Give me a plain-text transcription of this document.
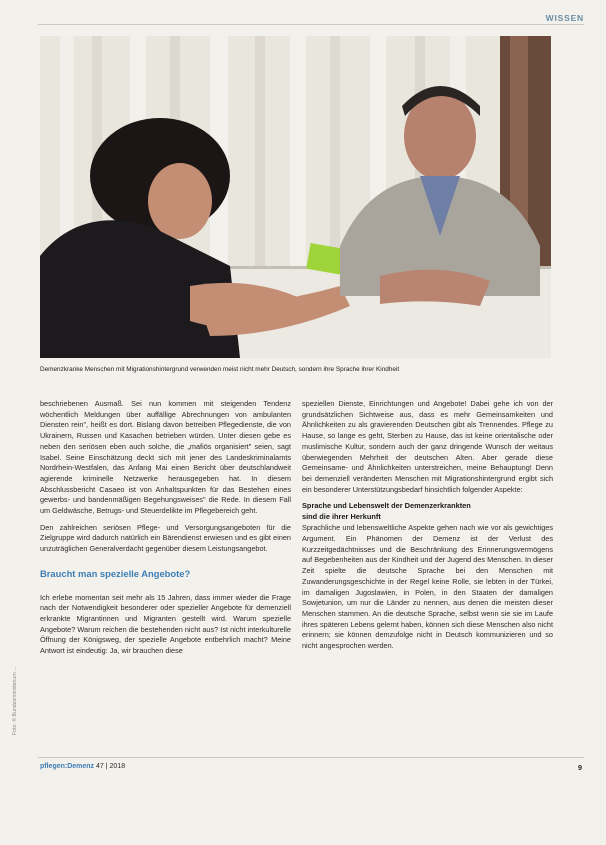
WISSEN
Demenzkranke Menschen mit Migrationshintergrund verwenden meist nicht mehr Deutsch, sondern ihre Sprache ihrer Kindheit

beschriebenen Ausmaß. Sei nun kommen mit steigenden Tendenz wöchentlich Meldungen über auffällige Abrechnungen von ambulanten Diensten rein", heißt es dort. Bislang davon betreiben Pflegedienste, die von Ukrainern, Russen und Kasachen betrieben würden. Unter diesen gebe es neben den seriösen eben auch solche, die „mafiös organisiert" seien, sagt Isabel. Seine Einschätzung deckt sich mit jener des Landeskriminalamts Nordrhein-Westfalen, das Anfang Mai einen Bericht über deutschlandweit agierende kriminelle Netzwerke herausgegeben hat. In diesem Abschlussbericht Casaeo ist von Anhaltspunkten für das Bestehen eines gewerbs- und bandenmäßigen Begehungsweises" die Rede. In diesem Fall um Geldwäsche, Betrugs- und Steuerdelikte im Pflegebereich geht.

Den zahlreichen seriösen Pflege- und Versorgungsangeboten für die Zielgruppe wird dadurch natürlich ein Bärendienst erwiesen und es gibt einen unzuträglichen Generalverdacht gegenüber diesem Leistungsangebot.

Braucht man spezielle Angebote?

Ich erlebe momentan seit mehr als 15 Jahren, dass immer wieder die Frage nach der Notwendigkeit besonderer oder spezieller Angebote für demenziell erkrankte Migrantinnen und Migranten gestellt wird. Warum spezielle Angebote? Warum reichen die bestehenden nicht aus? Ist nicht interkulturelle Öffnung der Königsweg, der spezielle Angebote entbehrlich macht? Meine Antwort ist eindeutig: Ja, wir brauchen diese

speziellen Dienste, Einrichtungen und Angebote! Dabei gehe ich von der grundsätzlichen Sichtweise aus, dass es mehr Gemeinsamkeiten und Ähnlichkeiten zu als gravierenden Deutschen gibt als Trennendes. Pflege zu Hause, so lange es geht, Sterben zu Hause, das ist keine orientalische oder muslimische Kultur, sondern auch der ganz dringende Wunsch der weitaus überwiegenden Mehrheit der deutschen Alten. Aber gerade diese Gemeinsame- und Ähnlichkeiten unterstreichen, meine Behauptung! Denn bei demenziell veränderten Menschen mit Migrationshintergrund ergibt sich ein besonderer Unterstützungsbedarf hinsichtlich folgender Aspekte:

Sprache und Lebenswelt der Demenzerkrankten
sind die ihrer Herkunft

Sprachliche und lebensweltliche Aspekte gehen nach wie vor als gewichtiges Argument. Ein Phänomen der Demenz ist der Verlust des Kurzzeitgedächtnisses und die Beschränkung des Erinnerungsvermögens auf Begebenheiten aus der Kindheit und der Jugend des Menschen. In dieser Zeit spielte die deutsche Sprache bei den Menschen mit Zuwanderungsgeschichte in der Regel keine Rolle, sie lebten in der Türkei, im damaligen Jugoslawien, in Polen, in den Staaten der damaligen Sowjetunion, um nur die Länder zu nennen, aus denen die meisten dieser Menschen stammen. An die deutsche Sprache, selbst wenn sie sie im Laufe ihres späteren Lebens gelernt haben, können sich diese Menschen also nicht erinnern; sie können demzufolge nicht in Deutsch kommunizieren und so nicht angesprochen werden.

Foto: © Bundesministerium ...
pflegen:Demenz 47 | 2018	9
